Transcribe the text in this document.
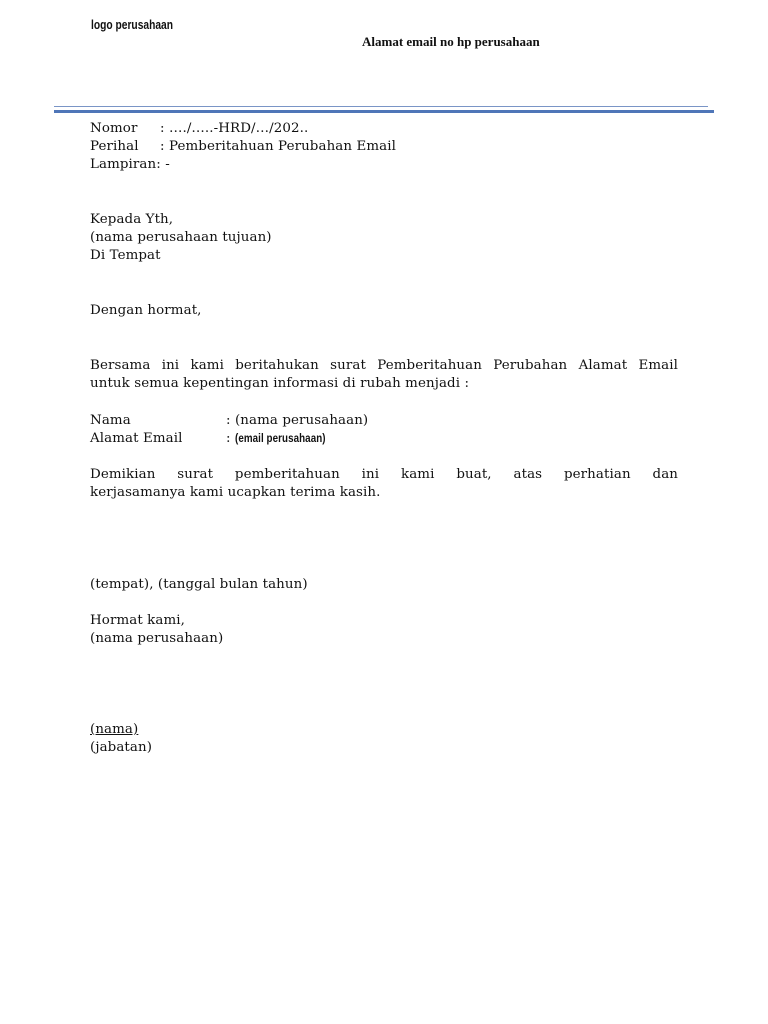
logo perusahaan
Alamat email no hp perusahaan
Nomor : …./…..-HRD/…/202..
Perihal : Pemberitahuan Perubahan Email
Lampiran: -
Kepada Yth,
(nama perusahaan tujuan)
Di Tempat
Dengan hormat,
Bersama ini kami beritahukan surat Pemberitahuan Perubahan Alamat Email
untuk semua kepentingan informasi di rubah menjadi :
Nama	: (nama perusahaan)
Alamat Email	: (email perusahaan)
Demikian surat pemberitahuan ini kami buat, atas perhatian dan
kerjasamanya kami ucapkan terima kasih.
(tempat), (tanggal bulan tahun)
Hormat kami,
(nama perusahaan)
(nama)
(jabatan)
